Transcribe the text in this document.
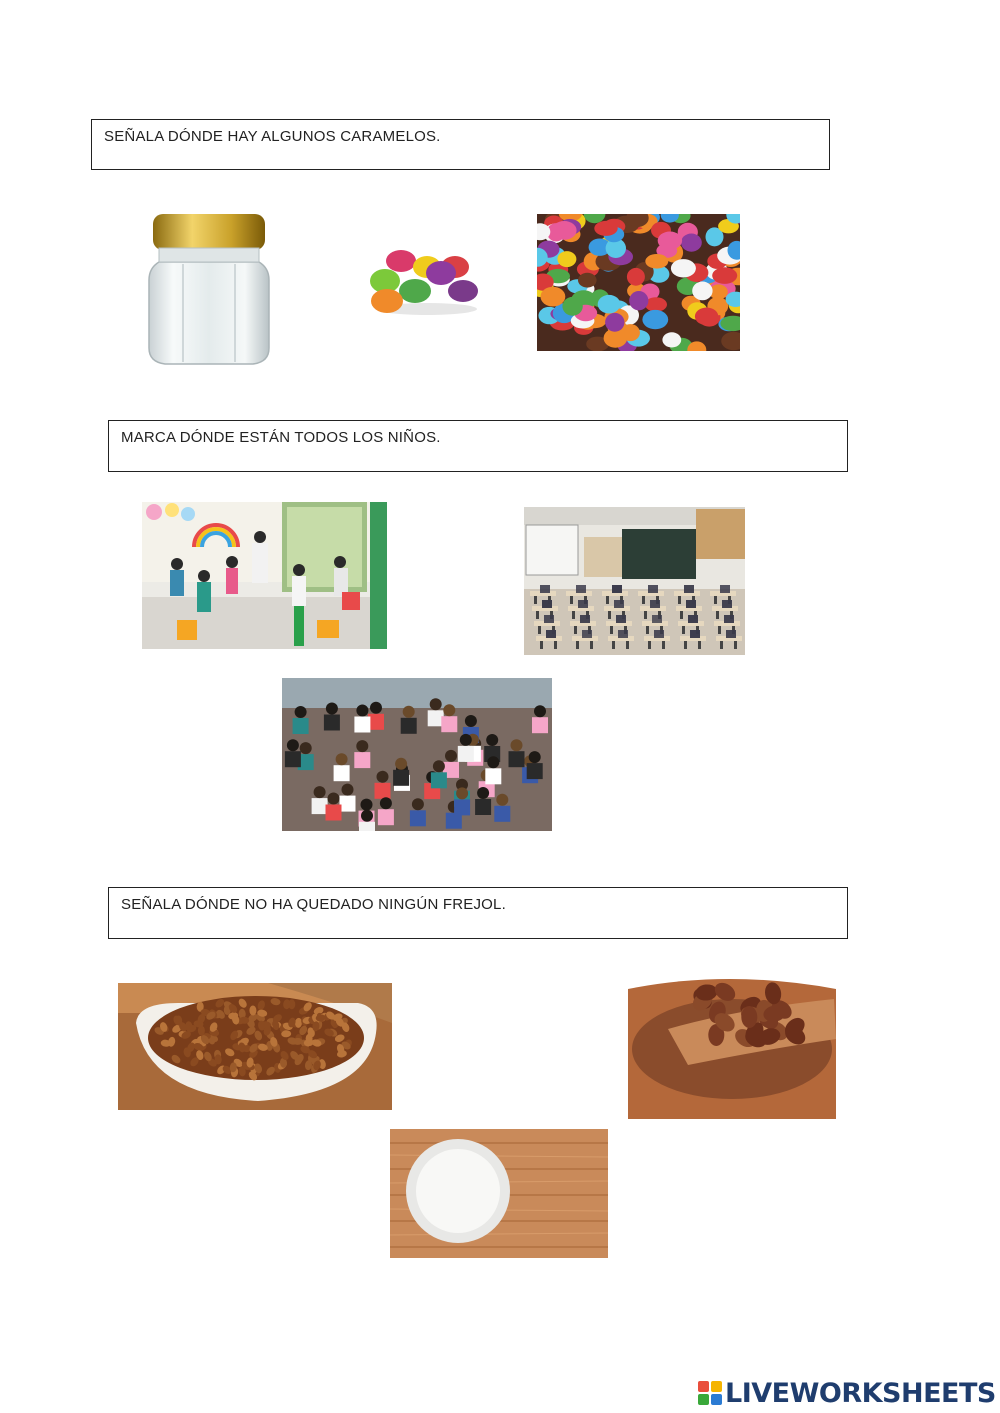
SEÑALA DÓNDE HAY ALGUNOS CARAMELOS.
MARCA DÓNDE ESTÁN TODOS LOS NIÑOS.
SEÑALA DÓNDE NO HA QUEDADO NINGÚN FREJOL.
LIVEWORKSHEETS
